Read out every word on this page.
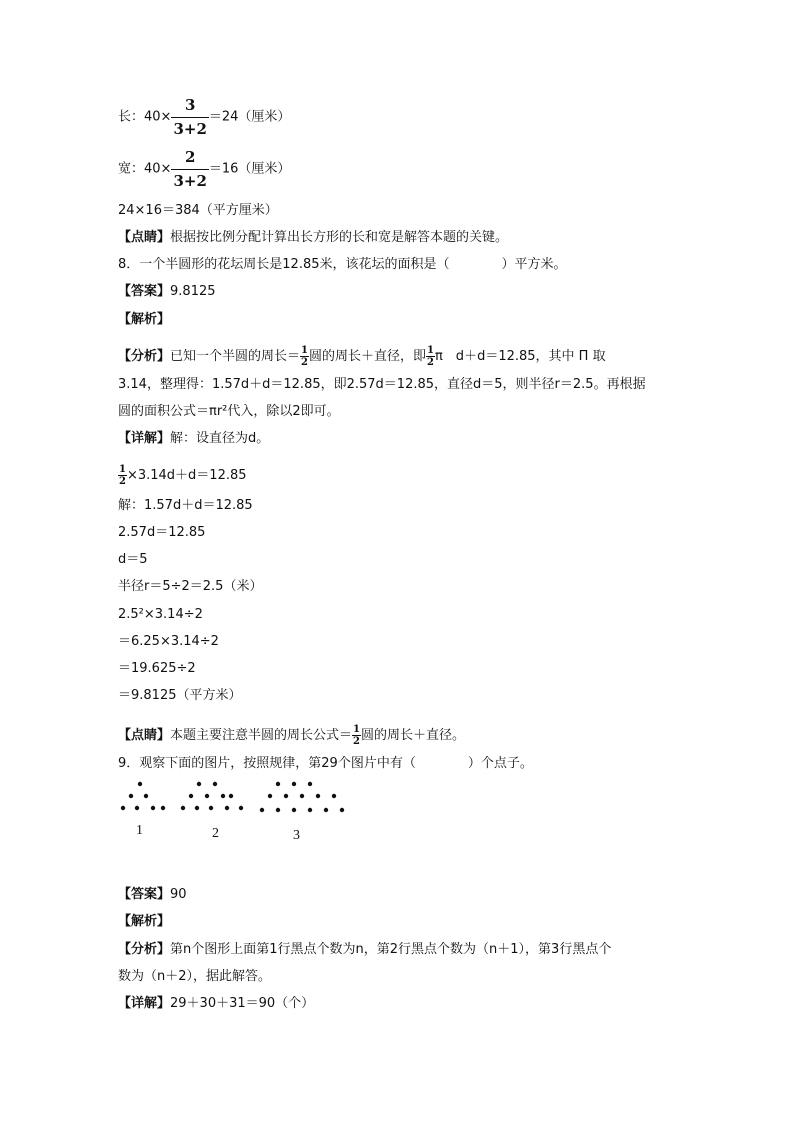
长：$40\times \frac{3}{3+2} =24$（厘米）
宽：$40\times \frac{2}{3+2} =16$（厘米）
24×16＝384（平方厘米）
【点睛】根据按比例分配计算出长方形的长和宽是解答本题的关键。
8．一个半圆形的花坛周长是12.85米，该花坛的面积是（　　　　）平方米。
【答案】9.8125
【解析】
【分析】已知一个半圆的周长＝ $\frac{1}{2}$ 圆的周长＋直径，即 $\frac{1}{2}$ π　d＋d＝12.85，其中 Π 取
3.14，整理得：1.57d＋d＝12.85，即2.57d＝12.85，直径d＝5，则半径r＝2.5。再根据
圆的面积公式＝πr²代入，除以2即可。
【详解】解：设直径为d。
$\frac{1}{2} \times 3.14d+d=12.85$
解：1.57d＋d＝12.85
2.57d＝12.85
d＝5
半径r＝5÷2＝2.5（米）
2.5²×3.14÷2
＝6.25×3.14÷2
＝19.625÷2
＝9.8125（平方米）
【点睛】本题主要注意半圆的周长公式＝ $\frac{1}{2}$ 圆的周长＋直径。
9．观察下面的图片，按照规律，第29个图片中有（　　　　）个点子。
1	2	3
【答案】90
【解析】
【分析】第n个图形上面第1行黑点个数为n，第2行黑点个数为（n＋1），第3行黑点个
数为（n＋2），据此解答。
【详解】29＋30＋31＝90（个）
